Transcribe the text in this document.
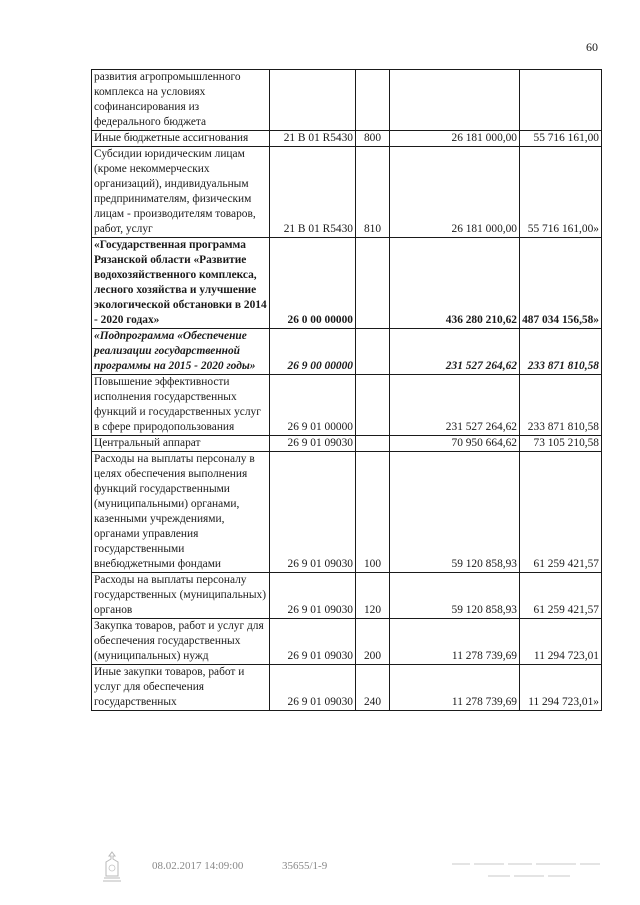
60
развития агропромышленного комплекса на условиях софинансирования из федерального бюджета				
Иные бюджетные ассигнования	21 В 01 R5430	800	26 181 000,00	55 716 161,00
Субсидии юридическим лицам (кроме некоммерческих организаций), индивидуальным предпринимателям, физическим лицам - производителям товаров, работ, услуг	21 В 01 R5430	810	26 181 000,00	55 716 161,00»
«Государственная программа Рязанской области «Развитие водохозяйственного комплекса, лесного хозяйства и улучшение экологической обстановки в 2014 - 2020 годах»	26 0 00 00000		436 280 210,62	487 034 156,58»
«Подпрограмма «Обеспечение реализации государственной программы на 2015 - 2020 годы»	26 9 00 00000		231 527 264,62	233 871 810,58
Повышение эффективности исполнения государственных функций и государственных услуг в сфере природопользования	26 9 01 00000		231 527 264,62	233 871 810,58
Центральный аппарат	26 9 01 09030		70 950 664,62	73 105 210,58
Расходы на выплаты персоналу в целях обеспечения выполнения функций государственными (муниципальными) органами, казенными учреждениями, органами управления государственными внебюджетными фондами	26 9 01 09030	100	59 120 858,93	61 259 421,57
Расходы на выплаты персоналу государственных (муниципальных) органов	26 9 01 09030	120	59 120 858,93	61 259 421,57
Закупка товаров, работ и услуг для обеспечения государственных (муниципальных) нужд	26 9 01 09030	200	11 278 739,69	11 294 723,01
Иные закупки товаров, работ и услуг для обеспечения государственных	26 9 01 09030	240	11 278 739,69	11 294 723,01»
08.02.2017 14:09:00	35655/1-9
